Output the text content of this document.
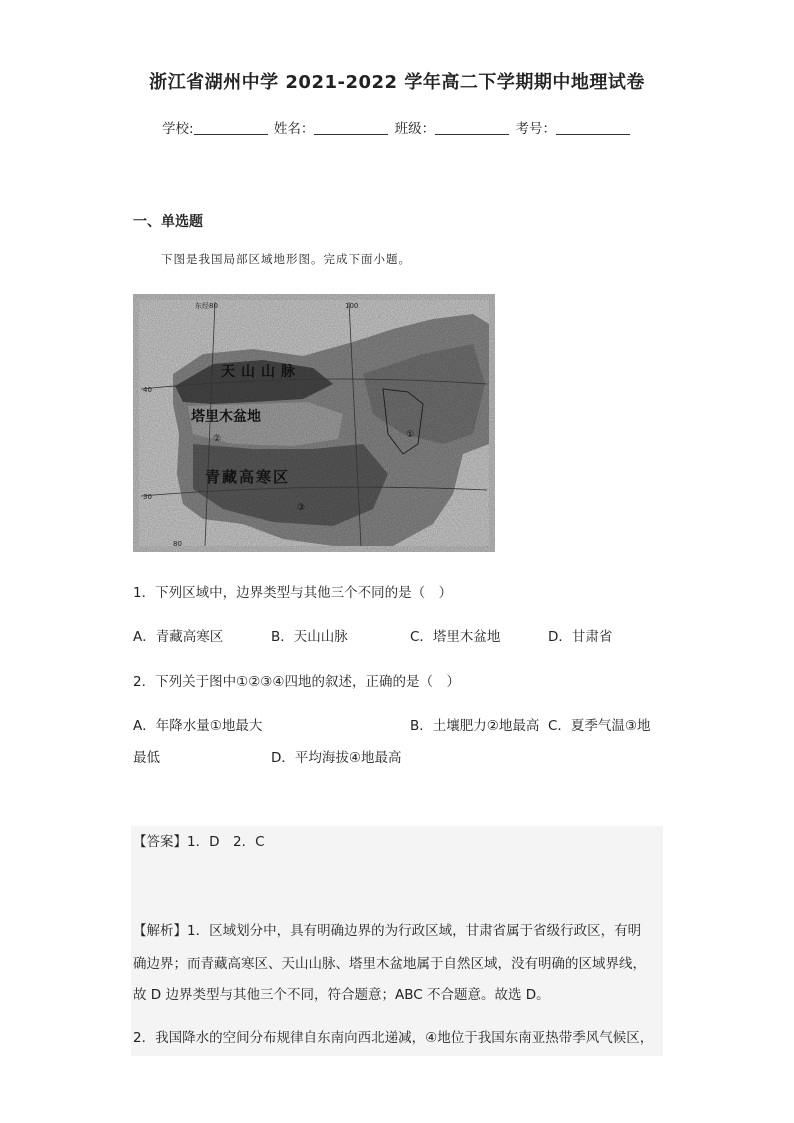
浙江省湖州中学 2021-2022 学年高二下学期期中地理试卷
学校:	姓名：	班级：	考号：
一、单选题
下图是我国局部区域地形图。完成下面小题。
东经80	100
40
30
80
天山山脉
塔里木盆地
青藏高寒区
①
②
③
1．下列区域中，边界类型与其他三个不同的是（　）
A．青藏高寒区	B．天山山脉	C．塔里木盆地	D．甘肃省
2．下列关于图中①②③④四地的叙述，正确的是（　）
A．年降水量①地最大	B．土壤肥力②地最高 C．夏季气温③地
最低	D．平均海拔④地最高
【答案】1．D　2．C
【解析】1．区域划分中，具有明确边界的为行政区域，甘肃省属于省级行政区，有明
确边界；而青藏高寒区、天山山脉、塔里木盆地属于自然区域，没有明确的区域界线，
故 D 边界类型与其他三个不同，符合题意；ABC 不合题意。故选 D。
2．我国降水的空间分布规律自东南向西北递减，④地位于我国东南亚热带季风气候区，
